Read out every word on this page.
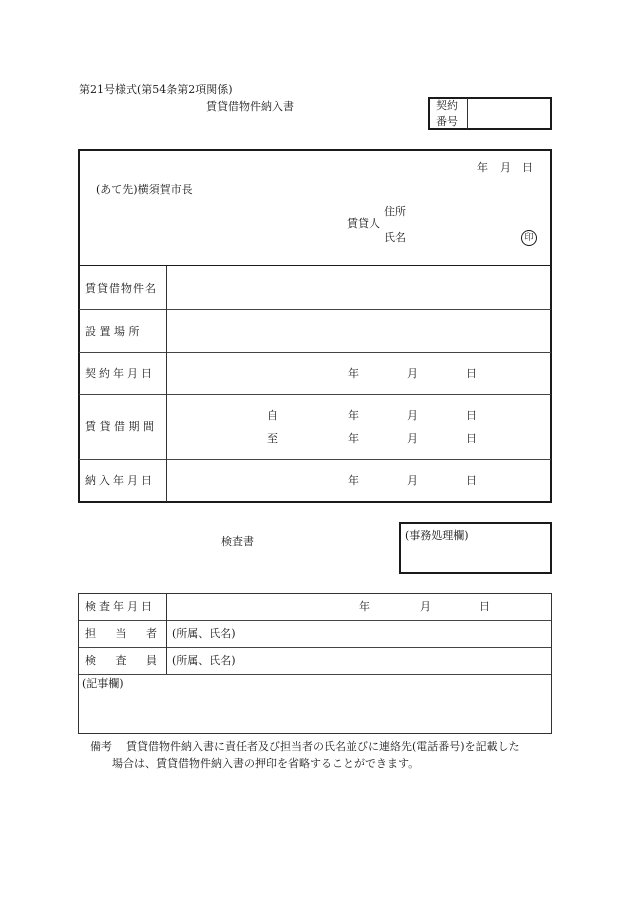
第21号様式(第54条第2項関係)
賃貸借物件納入書	契約
番号
年 月 日
(あて先)横須賀市長
住所
賃貸人
氏名	印
賃貸借物件名
設 置 場 所
契約年月日	年	月	日
賃 貸 借 期 間
自	年	月	日
至	年	月	日
納入年月日	年	月	日
検査書	(事務処理欄)
検査年月日	年	月	日
担 当 者 (所属、氏名)
検 査 員 (所属、氏名)
(記事欄)
備考 賃貸借物件納入書に責任者及び担当者の氏名並びに連絡先(電話番号)を記載した
場合は、賃貸借物件納入書の押印を省略することができます。
